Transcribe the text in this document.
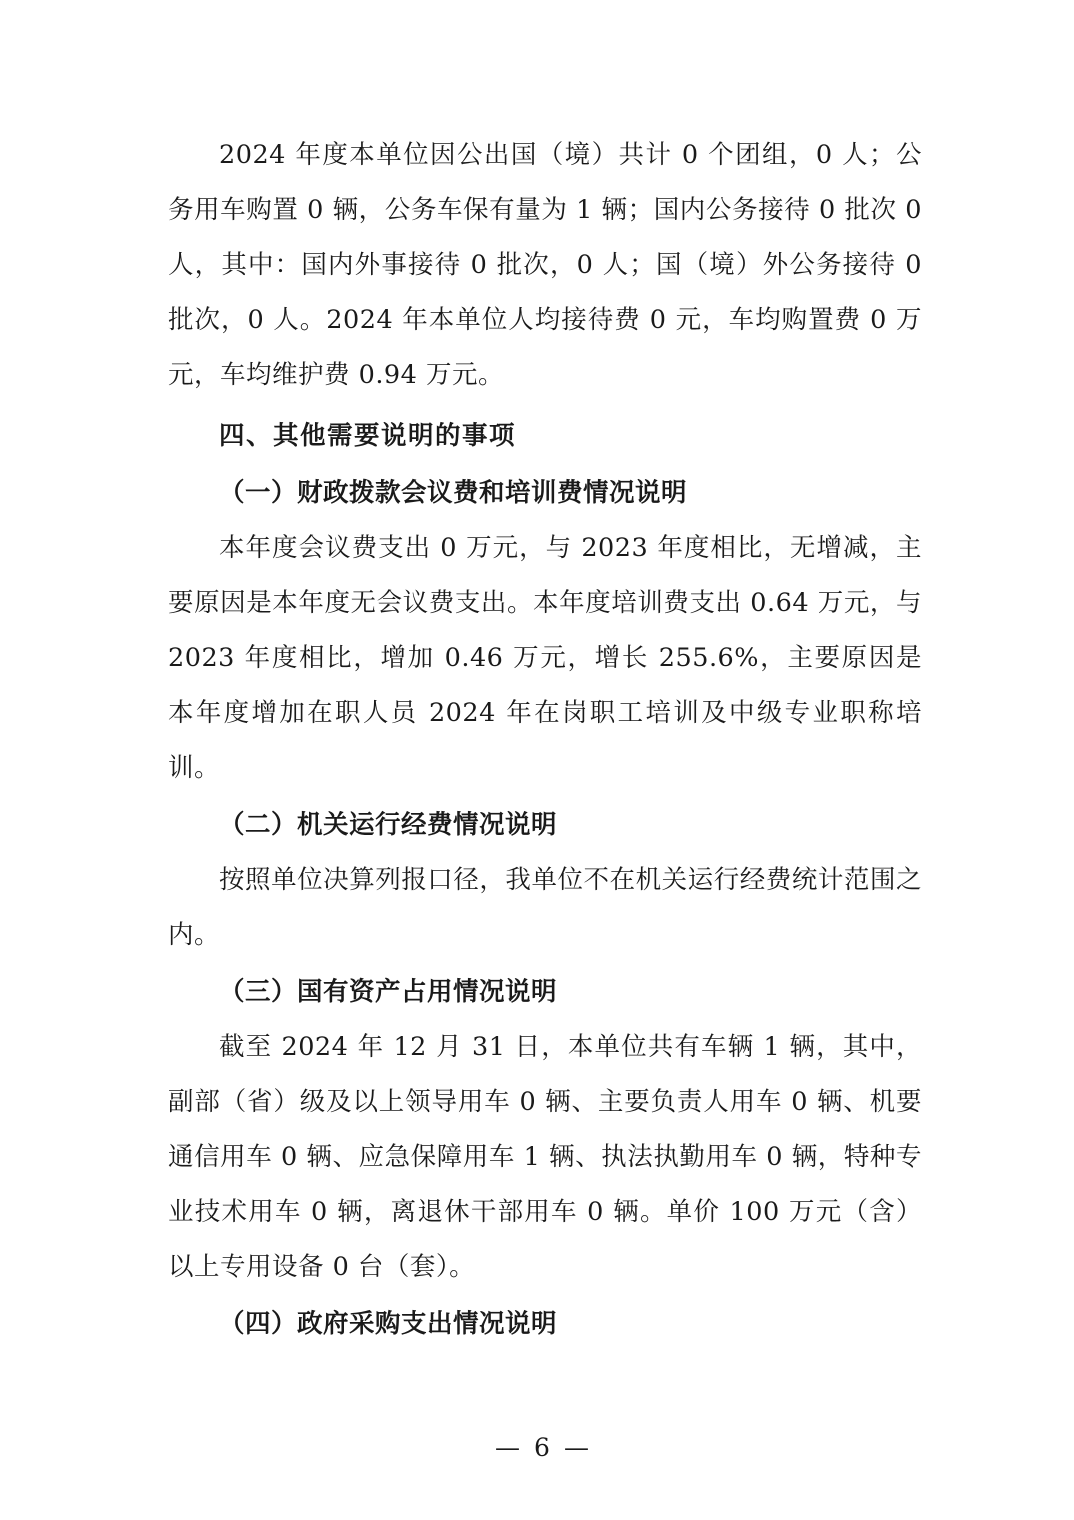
2024 年度本单位因公出国（境）共计 0 个团组，0 人；公务用车购置 0 辆，公务车保有量为 1 辆；国内公务接待 0 批次 0 人，其中：国内外事接待 0 批次，0 人；国（境）外公务接待 0 批次，0 人。2024 年本单位人均接待费 0 元，车均购置费 0 万元，车均维护费 0.94 万元。

四、其他需要说明的事项

（一）财政拨款会议费和培训费情况说明

本年度会议费支出 0 万元，与 2023 年度相比，无增减，主要原因是本年度无会议费支出。本年度培训费支出 0.64 万元，与 2023 年度相比，增加 0.46 万元，增长 255.6%，主要原因是本年度增加在职人员 2024 年在岗职工培训及中级专业职称培训。

（二）机关运行经费情况说明

按照单位决算列报口径，我单位不在机关运行经费统计范围之内。

（三）国有资产占用情况说明

截至 2024 年 12 月 31 日，本单位共有车辆 1 辆，其中，副部（省）级及以上领导用车 0 辆、主要负责人用车 0 辆、机要通信用车 0 辆、应急保障用车 1 辆、执法执勤用车 0 辆，特种专业技术用车 0 辆，离退休干部用车 0 辆。单价 100 万元（含）以上专用设备 0 台（套）。

（四）政府采购支出情况说明

— 6 —
